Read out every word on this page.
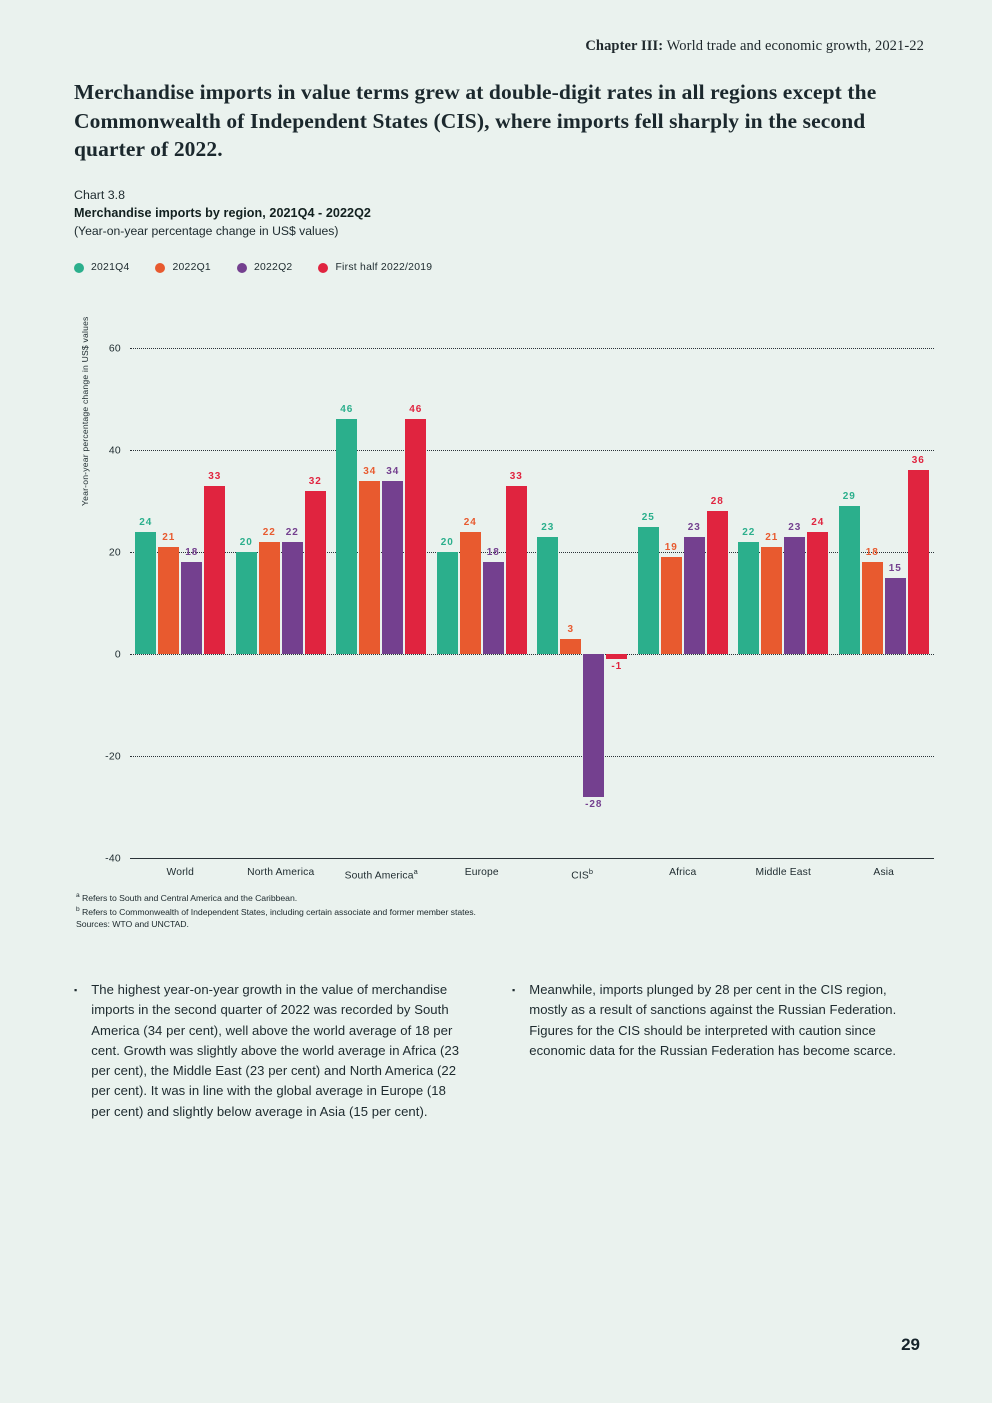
Chapter III: World trade and economic growth, 2021-22
Merchandise imports in value terms grew at double-digit rates in all regions except the Commonwealth of Independent States (CIS), where imports fell sharply in the second quarter of 2022.
Chart 3.8
Merchandise imports by region, 2021Q4 - 2022Q2
(Year-on-year percentage change in US$ values)
2021Q4	2022Q1	2022Q2	First half 2022/2019
Year-on-year percentage change in US$ values	60
40
20
0
-20
-40
24
21
18
33
World
20
22 22
32
North America
46
34 34
46
South America$^a$
20
24
18
33
Europe
23
3
-28
-1
CIS$^b$
25
19
23
28
Africa
22 21
23 24
Middle East
29
18
15
36
Asia
$^a$ Refers to South and Central America and the Caribbean.
$^b$ Refers to Commonwealth of Independent States, including certain associate and former member states.
Sources: WTO and UNCTAD.
▪ The highest year-on-year growth in the value of merchandise imports in the second quarter of 2022 was recorded by South America (34 per cent), well above the world average of 18 per cent. Growth was slightly above the world average in Africa (23 per cent), the Middle East (23 per cent) and North America (22 per cent). It was in line with the global average in Europe (18 per cent) and slightly below average in Asia (15 per cent).

▪ Meanwhile, imports plunged by 28 per cent in the CIS region, mostly as a result of sanctions against the Russian Federation. Figures for the CIS should be interpreted with caution since economic data for the Russian Federation has become scarce.

29
